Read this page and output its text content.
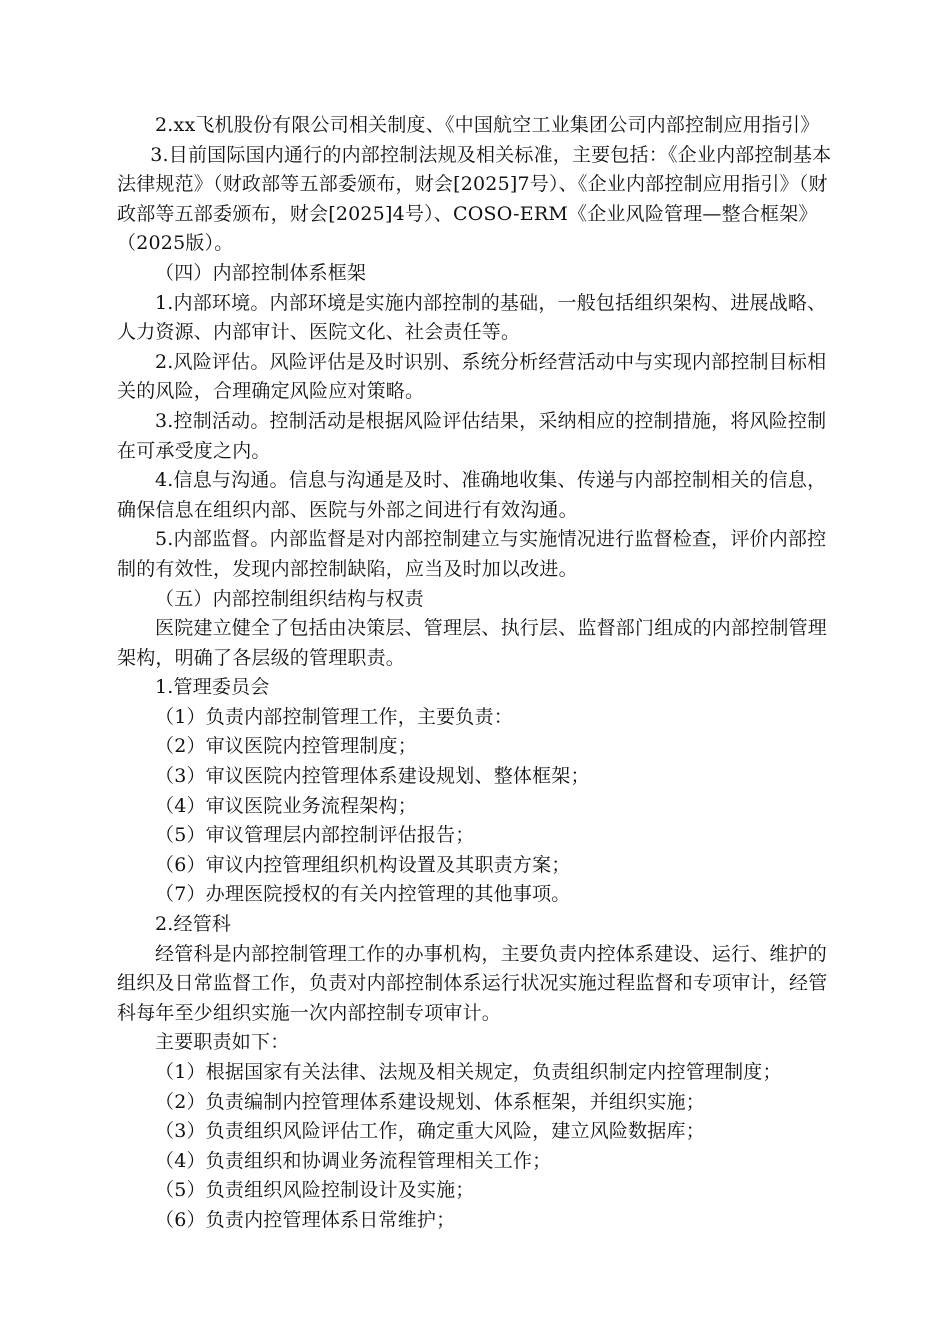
2.xx飞机股份有限公司相关制度、《中国航空工业集团公司内部控制应用指引》

3.目前国际国内通行的内部控制法规及相关标准，主要包括：《企业内部控制基本法律规范》（财政部等五部委颁布，财会[2025]7号）、《企业内部控制应用指引》（财政部等五部委颁布，财会[2025]4号）、COSO-ERM《企业风险管理—整合框架》（2025版）。

（四）内部控制体系框架

1.内部环境。内部环境是实施内部控制的基础，一般包括组织架构、进展战略、人力资源、内部审计、医院文化、社会责任等。

2.风险评估。风险评估是及时识别、系统分析经营活动中与实现内部控制目标相关的风险，合理确定风险应对策略。

3.控制活动。控制活动是根据风险评估结果，采纳相应的控制措施，将风险控制在可承受度之内。

4.信息与沟通。信息与沟通是及时、准确地收集、传递与内部控制相关的信息，确保信息在组织内部、医院与外部之间进行有效沟通。

5.内部监督。内部监督是对内部控制建立与实施情况进行监督检查，评价内部控制的有效性，发现内部控制缺陷，应当及时加以改进。

（五）内部控制组织结构与权责

医院建立健全了包括由决策层、管理层、执行层、监督部门组成的内部控制管理架构，明确了各层级的管理职责。

1.管理委员会

（1）负责内部控制管理工作，主要负责：

（2）审议医院内控管理制度；

（3）审议医院内控管理体系建设规划、整体框架；

（4）审议医院业务流程架构；

（5）审议管理层内部控制评估报告；

（6）审议内控管理组织机构设置及其职责方案；

（7）办理医院授权的有关内控管理的其他事项。

2.经管科

经管科是内部控制管理工作的办事机构，主要负责内控体系建设、运行、维护的组织及日常监督工作，负责对内部控制体系运行状况实施过程监督和专项审计，经管科每年至少组织实施一次内部控制专项审计。

主要职责如下：

（1）根据国家有关法律、法规及相关规定，负责组织制定内控管理制度；

（2）负责编制内控管理体系建设规划、体系框架，并组织实施；

（3）负责组织风险评估工作，确定重大风险，建立风险数据库；

（4）负责组织和协调业务流程管理相关工作；

（5）负责组织风险控制设计及实施；

（6）负责内控管理体系日常维护；
